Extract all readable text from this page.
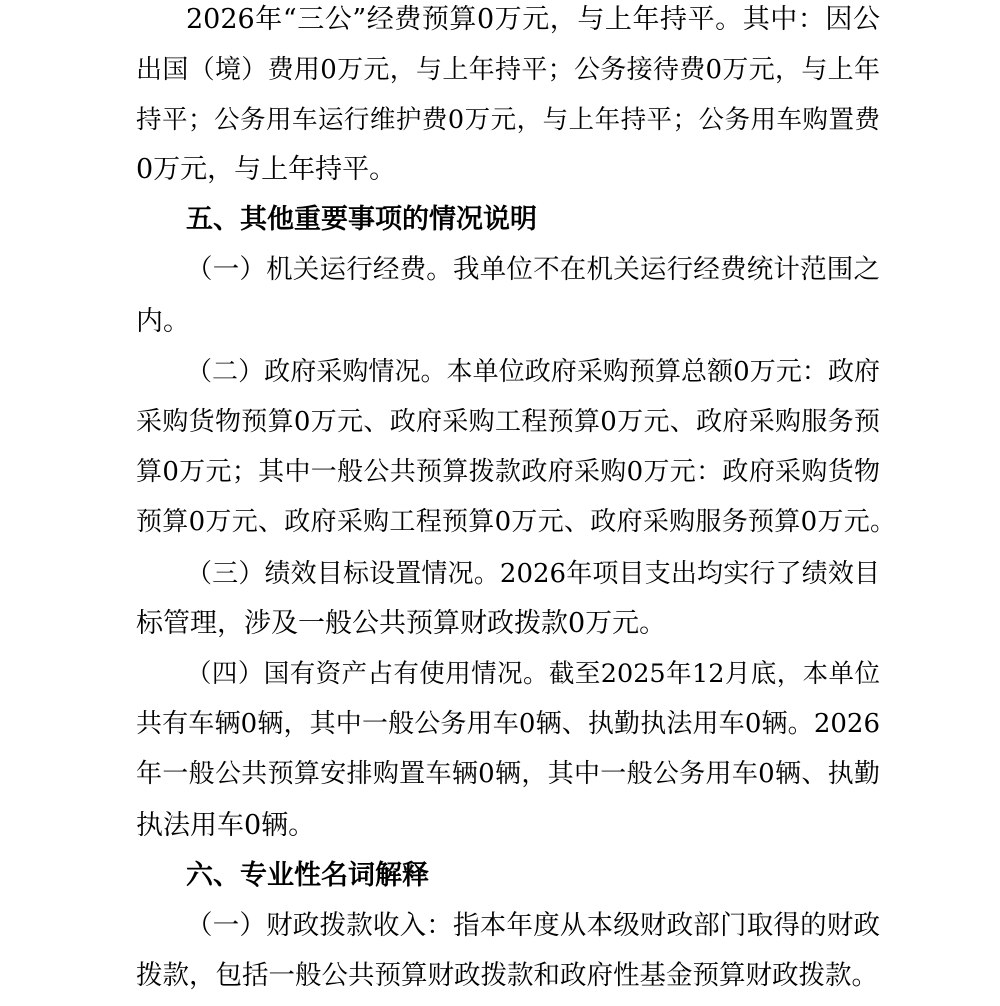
2026年“三公”经费预算0万元，与上年持平。其中：因公
出国（境）费用0万元，与上年持平；公务接待费0万元，与上年
持平；公务用车运行维护费0万元，与上年持平；公务用车购置费
0万元，与上年持平。
五、其他重要事项的情况说明
（一）机关运行经费。我单位不在机关运行经费统计范围之
内。
（二）政府采购情况。本单位政府采购预算总额0万元：政府
采购货物预算0万元、政府采购工程预算0万元、政府采购服务预
算0万元；其中一般公共预算拨款政府采购0万元：政府采购货物
预算0万元、政府采购工程预算0万元、政府采购服务预算0万元。
（三）绩效目标设置情况。2026年项目支出均实行了绩效目
标管理，涉及一般公共预算财政拨款0万元。
（四）国有资产占有使用情况。截至2025年12月底，本单位
共有车辆0辆，其中一般公务用车0辆、执勤执法用车0辆。2026
年一般公共预算安排购置车辆0辆，其中一般公务用车0辆、执勤
执法用车0辆。
六、专业性名词解释
（一）财政拨款收入：指本年度从本级财政部门取得的财政
拨款，包括一般公共预算财政拨款和政府性基金预算财政拨款。
